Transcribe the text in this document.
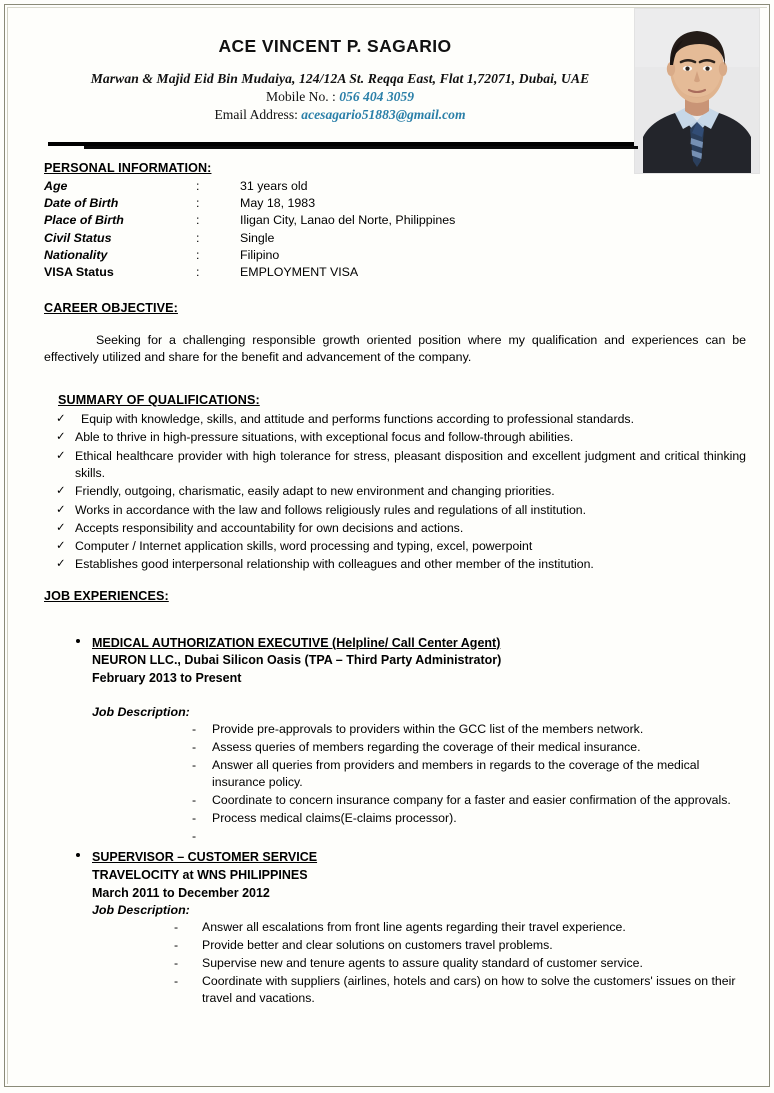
ACE VINCENT P. SAGARIO
Marwan & Majid Eid Bin Mudaiya, 124/12A St. Reqqa East, Flat 1,72071, Dubai, UAE
Mobile No. : 056 404 3059
Email Address: acesagario51883@gmail.com
PERSONAL INFORMATION:
Age	:	31 years old
Date of Birth	:	May 18, 1983
Place of Birth	:	Iligan City, Lanao del Norte, Philippines
Civil Status	:	Single
Nationality	:	Filipino
VISA Status	:	EMPLOYMENT VISA
CAREER OBJECTIVE:

Seeking for a challenging responsible growth oriented position where my qualification and experiences can be effectively utilized and share for the benefit and advancement of the company.

SUMMARY OF QUALIFICATIONS:
✓ Equip with knowledge, skills, and attitude and performs functions according to professional standards.
✓ Able to thrive in high-pressure situations, with exceptional focus and follow-through abilities.
✓ Ethical healthcare provider with high tolerance for stress, pleasant disposition and excellent judgment and critical thinking skills.
✓ Friendly, outgoing, charismatic, easily adapt to new environment and changing priorities.
✓ Works in accordance with the law and follows religiously rules and regulations of all institution.
✓ Accepts responsibility and accountability for own decisions and actions.
✓ Computer / Internet application skills, word processing and typing, excel, powerpoint
✓ Establishes good interpersonal relationship with colleagues and other member of the institution.
JOB EXPERIENCES:
MEDICAL AUTHORIZATION EXECUTIVE (Helpline/ Call Center Agent)
NEURON LLC., Dubai Silicon Oasis (TPA – Third Party Administrator)
February 2013 to Present
Job Description:
- Provide pre-approvals to providers within the GCC list of the members network.
- Assess queries of members regarding the coverage of their medical insurance.
- Answer all queries from providers and members in regards to the coverage of the medical insurance policy.
- Coordinate to concern insurance company for a faster and easier confirmation of the approvals.
- Process medical claims(E-claims processor).
-
SUPERVISOR – CUSTOMER SERVICE
TRAVELOCITY at WNS PHILIPPINES
March 2011 to December 2012
Job Description:
- Answer all escalations from front line agents regarding their travel experience.
- Provide better and clear solutions on customers travel problems.
- Supervise new and tenure agents to assure quality standard of customer service.
- Coordinate with suppliers (airlines, hotels and cars) on how to solve the customers' issues on their travel and vacations.
